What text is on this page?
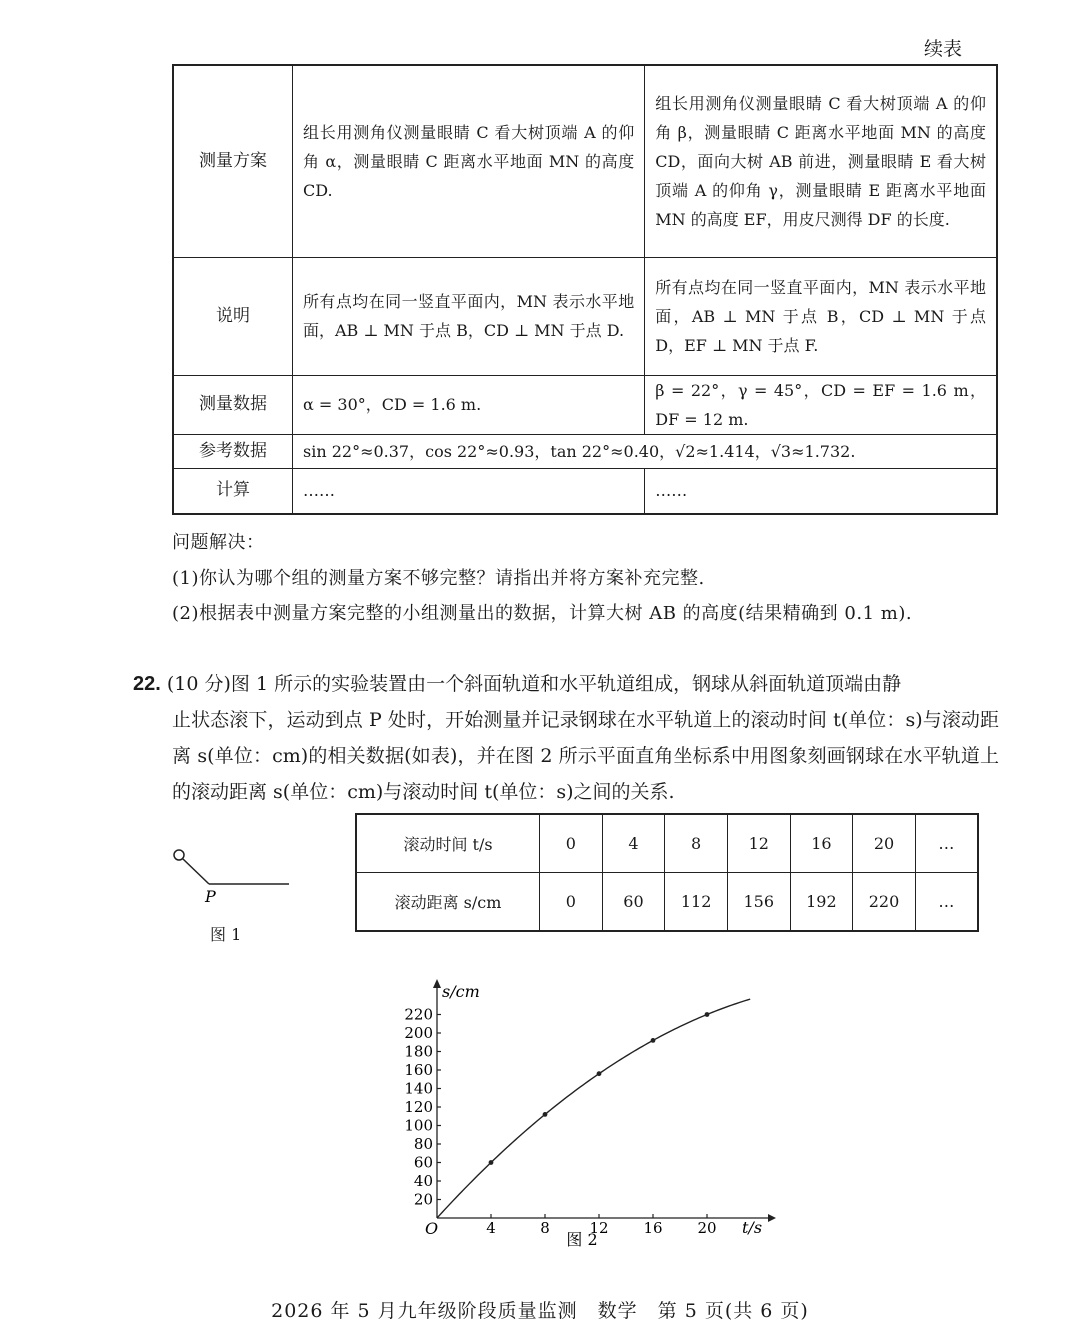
续表
测量方案	组长用测角仪测量眼睛 C 看大树顶端 A 的仰角 α，测量眼睛 C 距离水平地面 MN 的高度 CD.	组长用测角仪测量眼睛 C 看大树顶端 A 的仰角 β，测量眼睛 C 距离水平地面 MN 的高度 CD，面向大树 AB 前进，测量眼睛 E 看大树顶端 A 的仰角 γ，测量眼睛 E 距离水平地面 MN 的高度 EF，用皮尺测得 DF 的长度.
说明	所有点均在同一竖直平面内，MN 表示水平地面，AB ⊥ MN 于点 B，CD ⊥ MN 于点 D.	所有点均在同一竖直平面内，MN 表示水平地面，AB ⊥ MN 于点 B，CD ⊥ MN 于点 D，EF ⊥ MN 于点 F.
测量数据	α = 30°，CD = 1.6 m.	β = 22°，γ = 45°，CD = EF = 1.6 m，DF = 12 m.
参考数据	sin 22°≈0.37，cos 22°≈0.93，tan 22°≈0.40，√2≈1.414，√3≈1.732.	
计算	……	……
问题解决：
(1)你认为哪个组的测量方案不够完整？请指出并将方案补充完整.
(2)根据表中测量方案完整的小组测量出的数据，计算大树 AB 的高度(结果精确到 0.1 m).
22. (10 分)图 1 所示的实验装置由一个斜面轨道和水平轨道组成，钢球从斜面轨道顶端由静
止状态滚下，运动到点 P 处时，开始测量并记录钢球在水平轨道上的滚动时间 t(单位：s)与滚动距离 s(单位：cm)的相关数据(如表)，并在图 2 所示平面直角坐标系中用图象刻画钢球在水平轨道上的滚动距离 s(单位：cm)与滚动时间 t(单位：s)之间的关系.
P
图 1
滚动时间 t/s	0	4	8	12	16	20	…
滚动距离 s/cm	0	60	112	156	192	220	…
4	8	12 16 20
20
40
60
80
100
120
140
160
180
200
220
O	t/s
s/cm
图 2
2026 年 5 月九年级阶段质量监测　数学　第 5 页(共 6 页)
